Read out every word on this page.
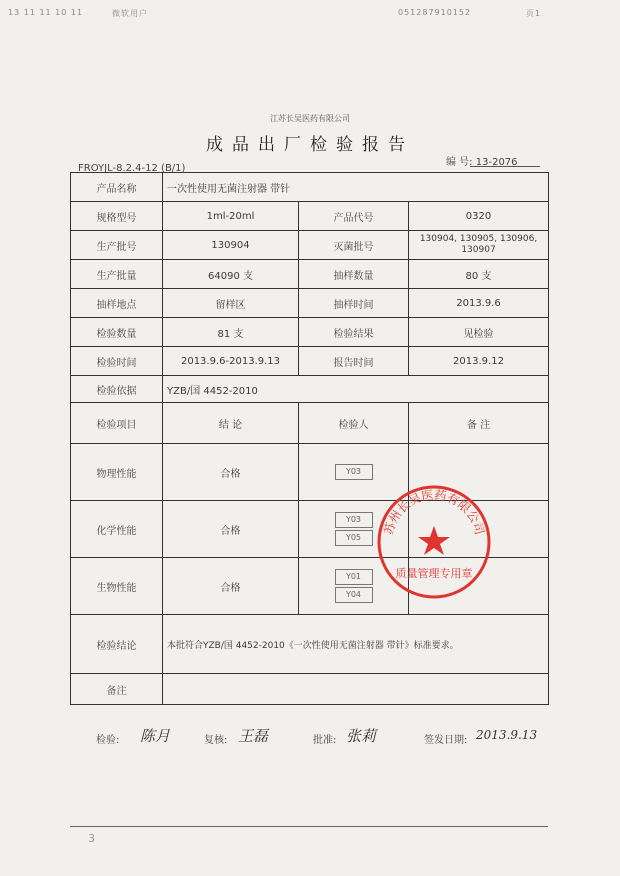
13 11 11 10 11	微软用户	051287910152	页1
江苏长吴医药有限公司
成品出厂检验报告
FROYJL-8.2.4-12 (B/1)
编 号: 13-2076
产品名称	一次性使用无菌注射器 带针		
规格型号	1ml-20ml	产品代号	0320
生产批号	130904	灭菌批号	130904, 130905, 130906, 130907
生产批量	64090 支	抽样数量	80 支
抽样地点	留样区	抽样时间	2013.9.6
检验数量	81 支	检验结果	见检验
检验时间	2013.9.6-2013.9.13	报告时间	2013.9.12
检验依据	YZB/国 4452-2010		
检验项目	结 论	检验人	备 注
物理性能	合格	Y03	

化学性能	合格	Y03
Y05	

生物性能	合格	Y01
Y04	

检验结论	本批符合YZB/国 4452-2010《一次性使用无菌注射器 带针》标准要求。		
备注			
苏州长吴医药有限公司
质量管理专用章
检验: 陈月	复核: 王磊	批准: 张莉	签发日期: 2013.9.13
3
